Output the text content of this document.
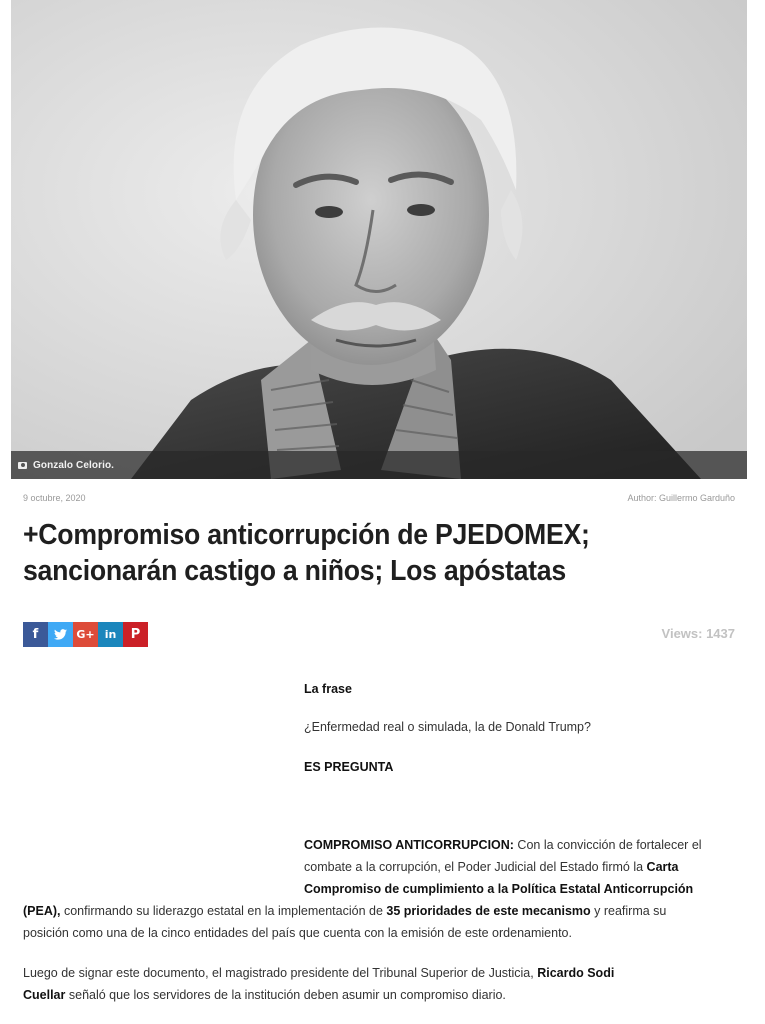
Gonzalo Celorio.
9 octubre, 2020	Author: Guillermo Garduño
+Compromiso anticorrupción de PJEDOMEX;
sancionarán castigo a niños; Los apóstatas
f	G+ in P	Views: 1437

La frase

¿Enfermedad real o simulada, la de Donald Trump?

ES PREGUNTA

COMPROMISO ANTICORRUPCION: Con la convicción de fortalecer el

combate a la corrupción, el Poder Judicial del Estado firmó la Carta

Compromiso de cumplimiento a la Política Estatal Anticorrupción

(PEA), confirmando su liderazgo estatal en la implementación de 35 prioridades de este mecanismo y reafirma su

posición como una de la cinco entidades del país que cuenta con la emisión de este ordenamiento.

Luego de signar este documento, el magistrado presidente del Tribunal Superior de Justicia, Ricardo Sodi

Cuellar señaló que los servidores de la institución deben asumir un compromiso diario.
